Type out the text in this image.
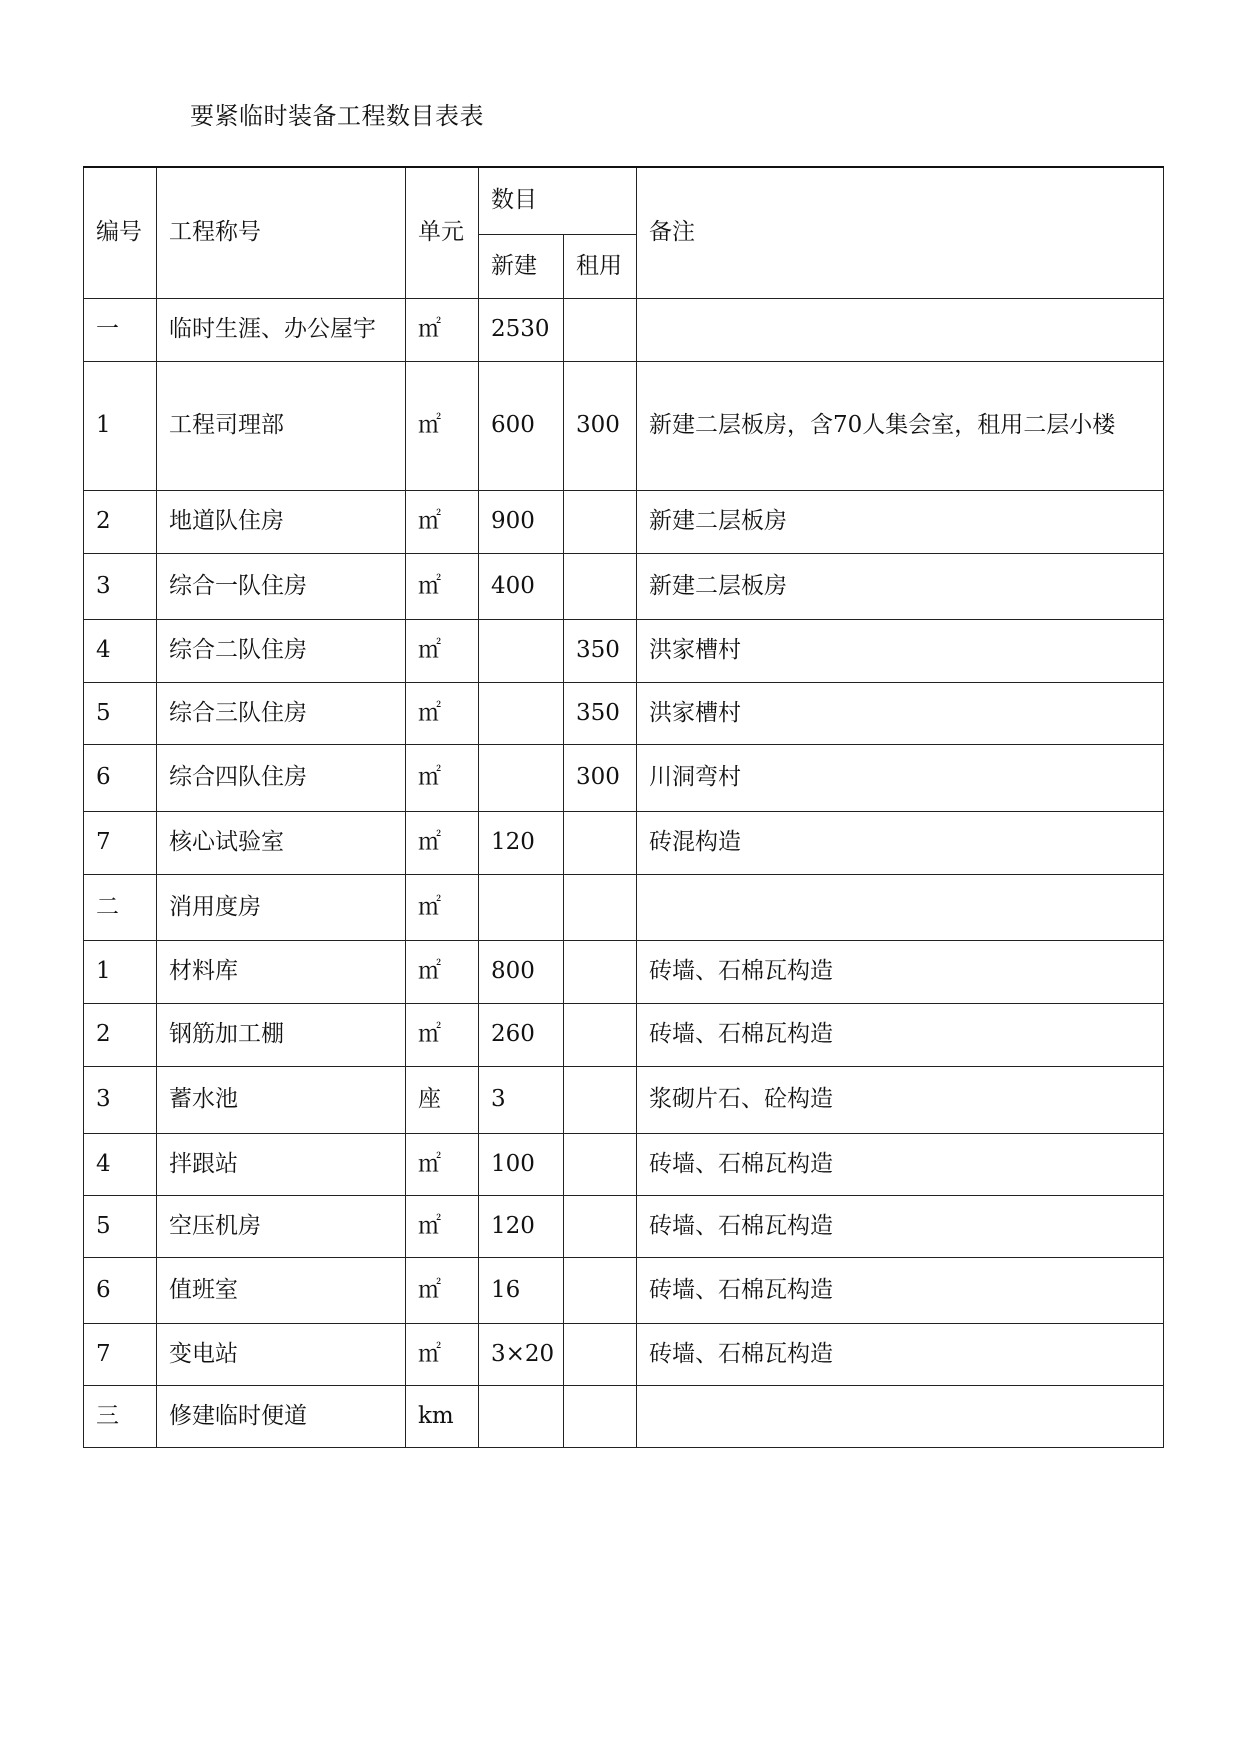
要紧临时装备工程数目表表
编号	工程称号	单元	数目		备注
			新建	租用	
一	临时生涯、办公屋宇	㎡	2530		
1	工程司理部	㎡	600	300	新建二层板房，含70人集会室，租用二层小楼
2	地道队住房	㎡	900		新建二层板房
3	综合一队住房	㎡	400		新建二层板房
4	综合二队住房	㎡		350	洪家槽村
5	综合三队住房	㎡		350	洪家槽村
6	综合四队住房	㎡		300	川洞弯村
7	核心试验室	㎡	120		砖混构造
二	消用度房	㎡			
1	材料库	㎡	800		砖墙、石棉瓦构造
2	钢筋加工棚	㎡	260		砖墙、石棉瓦构造
3	蓄水池	座	3		浆砌片石、砼构造
4	拌跟站	㎡	100		砖墙、石棉瓦构造
5	空压机房	㎡	120		砖墙、石棉瓦构造
6	值班室	㎡	16		砖墙、石棉瓦构造
7	变电站	㎡	3×20		砖墙、石棉瓦构造
三	修建临时便道	km			
